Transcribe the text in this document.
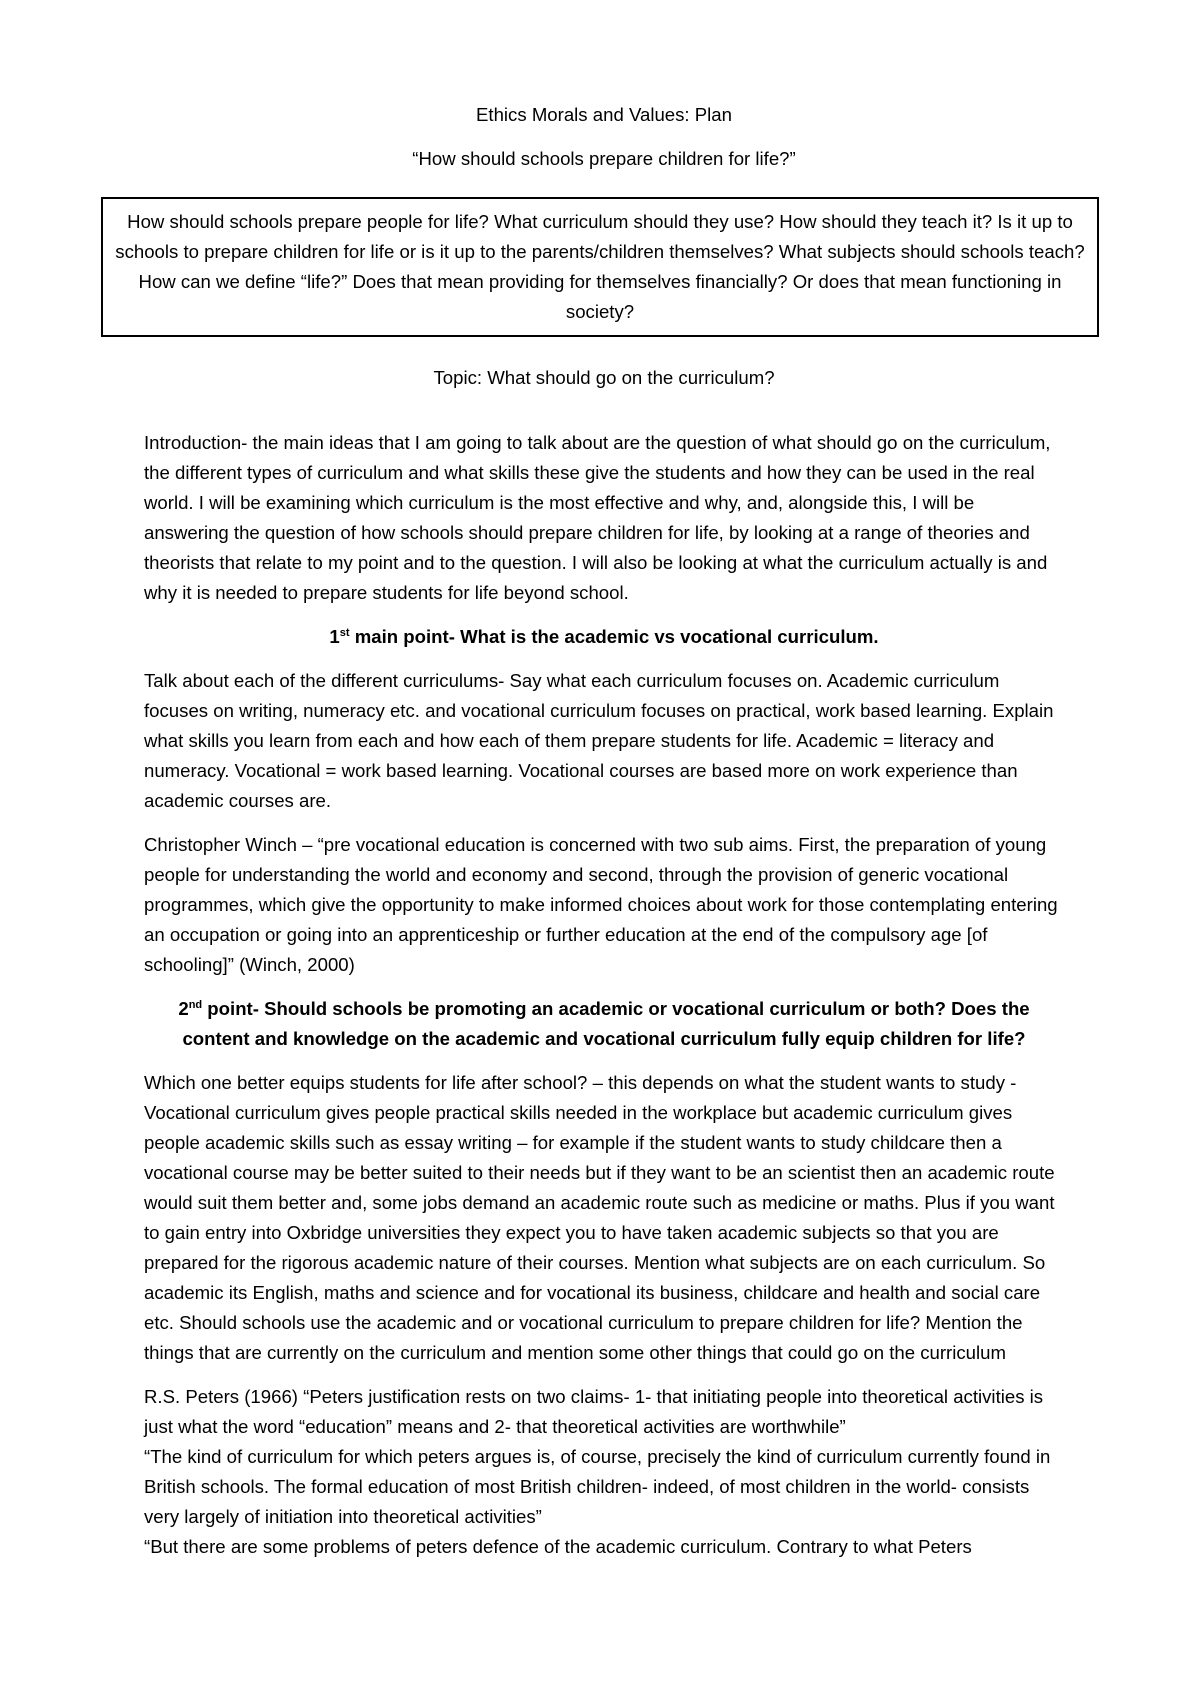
Ethics Morals and Values: Plan

“How should schools prepare children for life?”

How should schools prepare people for life? What curriculum should they use? How should they teach it? Is it up to schools to prepare children for life or is it up to the parents/children themselves? What subjects should schools teach? How can we define “life?” Does that mean providing for themselves financially? Or does that mean functioning in society?

Topic: What should go on the curriculum?

Introduction- the main ideas that I am going to talk about are the question of what should go on the curriculum, the different types of curriculum and what skills these give the students and how they can be used in the real world. I will be examining which curriculum is the most effective and why, and, alongside this, I will be answering the question of how schools should prepare children for life, by looking at a range of theories and theorists that relate to my point and to the question. I will also be looking at what the curriculum actually is and why it is needed to prepare students for life beyond school.

1st main point- What is the academic vs vocational curriculum.

Talk about each of the different curriculums- Say what each curriculum focuses on. Academic curriculum focuses on writing, numeracy etc. and vocational curriculum focuses on practical, work based learning. Explain what skills you learn from each and how each of them prepare students for life. Academic = literacy and numeracy. Vocational = work based learning. Vocational courses are based more on work experience than academic courses are.

Christopher Winch – “pre vocational education is concerned with two sub aims. First, the preparation of young people for understanding the world and economy and second, through the provision of generic vocational programmes, which give the opportunity to make informed choices about work for those contemplating entering an occupation or going into an apprenticeship or further education at the end of the compulsory age [of schooling]” (Winch, 2000)

2nd point- Should schools be promoting an academic or vocational curriculum or both? Does the content and knowledge on the academic and vocational curriculum fully equip children for life?

Which one better equips students for life after school? – this depends on what the student wants to study - Vocational curriculum gives people practical skills needed in the workplace but academic curriculum gives people academic skills such as essay writing – for example if the student wants to study childcare then a vocational course may be better suited to their needs but if they want to be an scientist then an academic route would suit them better and, some jobs demand an academic route such as medicine or maths. Plus if you want to gain entry into Oxbridge universities they expect you to have taken academic subjects so that you are prepared for the rigorous academic nature of their courses. Mention what subjects are on each curriculum. So academic its English, maths and science and for vocational its business, childcare and health and social care etc. Should schools use the academic and or vocational curriculum to prepare children for life? Mention the things that are currently on the curriculum and mention some other things that could go on the curriculum

R.S. Peters (1966) “Peters justification rests on two claims- 1- that initiating people into theoretical activities is just what the word “education” means and 2- that theoretical activities are worthwhile”

“The kind of curriculum for which peters argues is, of course, precisely the kind of curriculum currently found in British schools. The formal education of most British children- indeed, of most children in the world- consists very largely of initiation into theoretical activities”

“But there are some problems of peters defence of the academic curriculum. Contrary to what Peters
